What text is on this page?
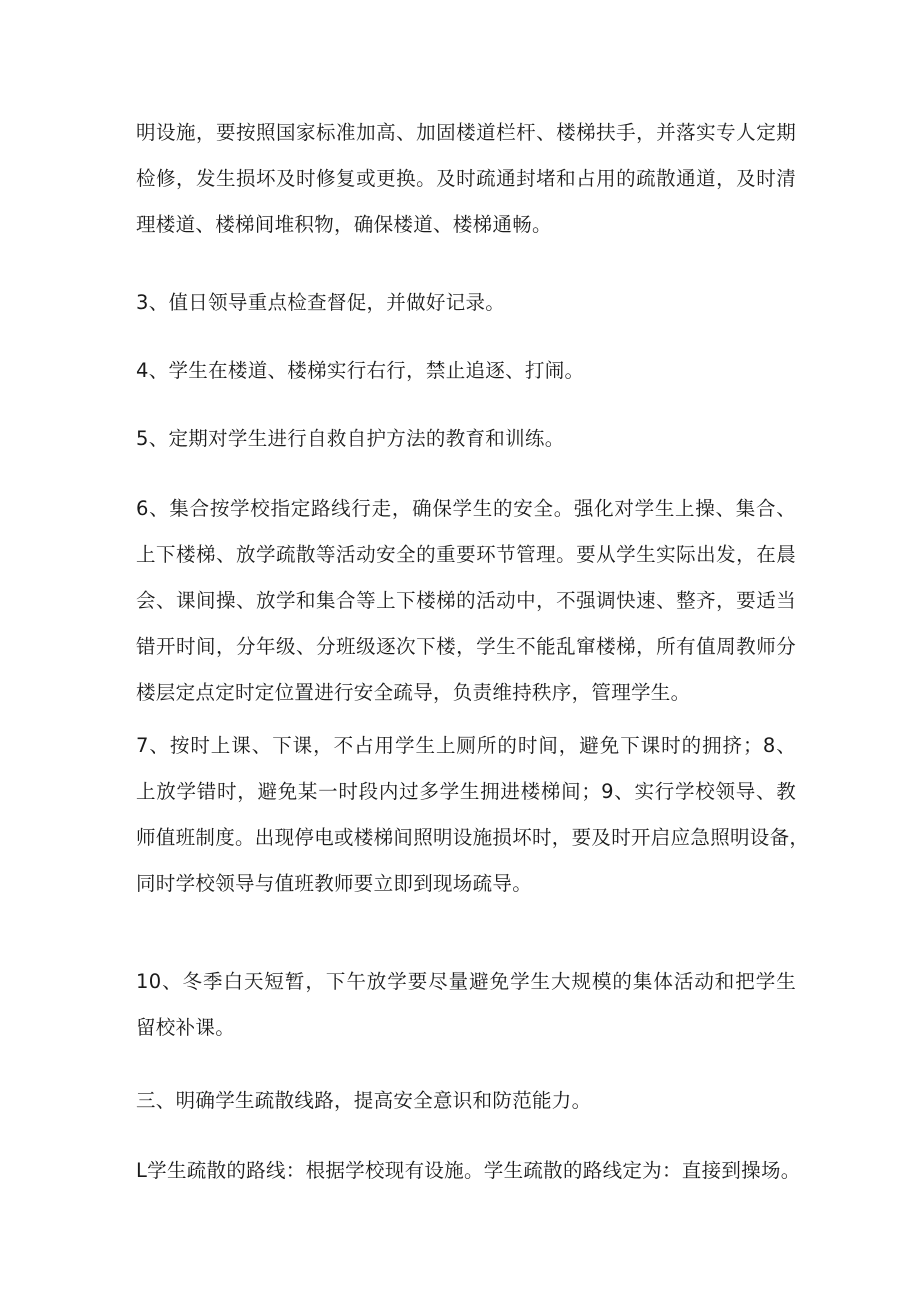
明设施，要按照国家标准加高、加固楼道栏杆、楼梯扶手，并落实专人定期
检修，发生损坏及时修复或更换。及时疏通封堵和占用的疏散通道，及时清
理楼道、楼梯间堆积物，确保楼道、楼梯通畅。

3、值日领导重点检查督促，并做好记录。

4、学生在楼道、楼梯实行右行，禁止追逐、打闹。

5、定期对学生进行自救自护方法的教育和训练。

6、集合按学校指定路线行走，确保学生的安全。强化对学生上操、集合、
上下楼梯、放学疏散等活动安全的重要环节管理。要从学生实际出发，在晨
会、课间操、放学和集合等上下楼梯的活动中，不强调快速、整齐，要适当
错开时间，分年级、分班级逐次下楼，学生不能乱窜楼梯，所有值周教师分
楼层定点定时定位置进行安全疏导，负责维持秩序，管理学生。

7、按时上课、下课，不占用学生上厕所的时间，避免下课时的拥挤；8、
上放学错时，避免某一时段内过多学生拥进楼梯间；9、实行学校领导、教
师值班制度。出现停电或楼梯间照明设施损坏时，要及时开启应急照明设备，
同时学校领导与值班教师要立即到现场疏导。

10、冬季白天短暂，下午放学要尽量避免学生大规模的集体活动和把学生
留校补课。

三、明确学生疏散线路，提高安全意识和防范能力。

L学生疏散的路线：根据学校现有设施。学生疏散的路线定为：直接到操场。
